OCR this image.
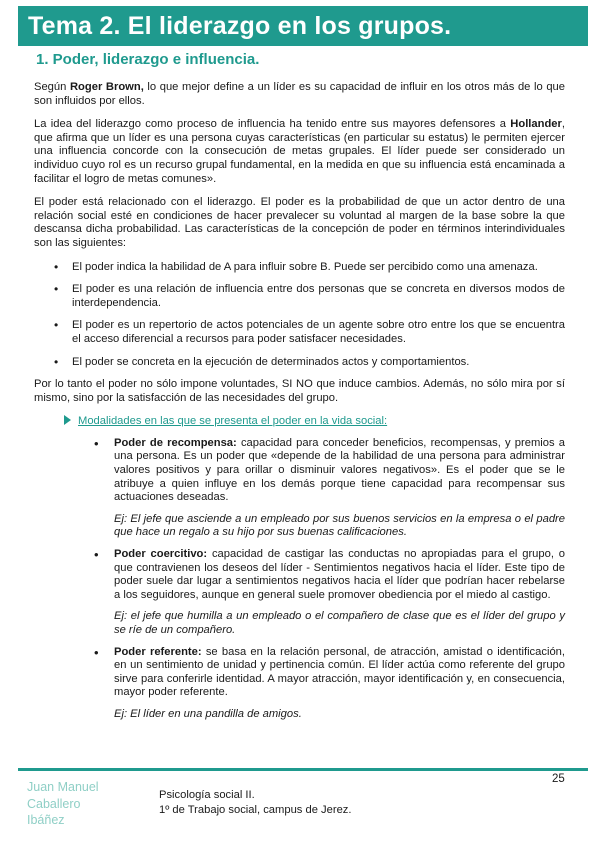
Tema 2. El liderazgo en los grupos.
1. Poder, liderazgo e influencia.

Según Roger Brown, lo que mejor define a un líder es su capacidad de influir en los otros más de lo que son influidos por ellos.

La idea del liderazgo como proceso de influencia ha tenido entre sus mayores defensores a Hollander, que afirma que un líder es una persona cuyas características (en particular su estatus) le permiten ejercer una influencia concorde con la consecución de metas grupales. El líder puede ser considerado un individuo cuyo rol es un recurso grupal fundamental, en la medida en que su influencia está encaminada a facilitar el logro de metas comunes».

El poder está relacionado con el liderazgo. El poder es la probabilidad de que un actor dentro de una relación social esté en condiciones de hacer prevalecer su voluntad al margen de la base sobre la que descansa dicha probabilidad. Las características de la concepción de poder en términos interindividuales son las siguientes:

• El poder indica la habilidad de A para influir sobre B. Puede ser percibido como una amenaza.
• El poder es una relación de influencia entre dos personas que se concreta en diversos modos de interdependencia.
• El poder es un repertorio de actos potenciales de un agente sobre otro entre los que se encuentra el acceso diferencial a recursos para poder satisfacer necesidades.
• El poder se concreta en la ejecución de determinados actos y comportamientos.

Por lo tanto el poder no sólo impone voluntades, SI NO que induce cambios. Además, no sólo mira por sí mismo, sino por la satisfacción de las necesidades del grupo.

Modalidades en las que se presenta el poder en la vida social:
• Poder de recompensa: capacidad para conceder beneficios, recompensas, y premios a una persona. Es un poder que «depende de la habilidad de una persona para administrar valores positivos y para orillar o disminuir valores negativos». Es el poder que se le atribuye a quien influye en los demás porque tiene capacidad para recompensar sus actuaciones deseadas.

Ej: El jefe que asciende a un empleado por sus buenos servicios en la empresa o el padre que hace un regalo a su hijo por sus buenas calificaciones.

• Poder coercitivo: capacidad de castigar las conductas no apropiadas para el grupo, o que contravienen los deseos del líder - Sentimientos negativos hacia el líder. Este tipo de poder suele dar lugar a sentimientos negativos hacia el líder que podrían hacer rebelarse a los seguidores, aunque en general suele promover obediencia por el miedo al castigo.

Ej: el jefe que humilla a un empleado o el compañero de clase que es el líder del grupo y se ríe de un compañero.

• Poder referente: se basa en la relación personal, de atracción, amistad o identificación, en un sentimiento de unidad y pertinencia común. El líder actúa como referente del grupo sirve para conferirle identidad. A mayor atracción, mayor identificación y, en consecuencia, mayor poder referente.

Ej: El líder en una pandilla de amigos.

25
Juan Manuel
Caballero
Ibáñez
Psicología social II.
1º de Trabajo social, campus de Jerez.
